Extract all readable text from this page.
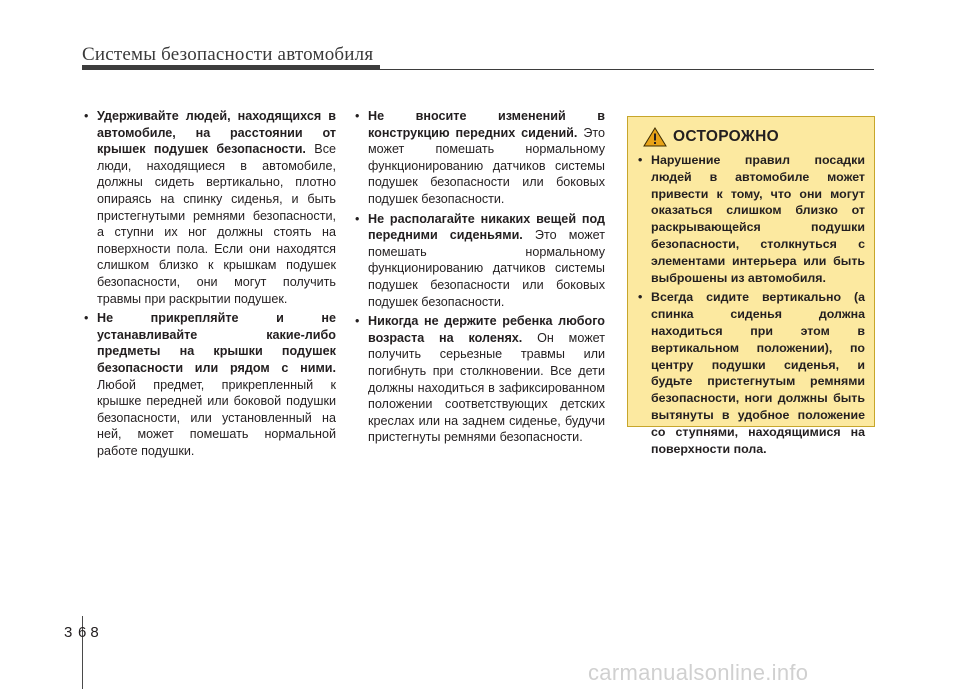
Системы безопасности автомобиля

• Удерживайте людей, находящихся в автомобиле, на расстоянии от крышек подушек безопасности. Все люди, находящиеся в автомобиле, должны сидеть вертикально, плотно опираясь на спинку сиденья, и быть пристегнутыми ремнями безопасности, а ступни их ног должны стоять на поверхности пола. Если они находятся слишком близко к крышкам подушек безопасности, они могут получить травмы при раскрытии подушек.

• Не прикрепляйте и не устанавливайте какие-либо предметы на крышки подушек безопасности или рядом с ними. Любой предмет, прикрепленный к крышке передней или боковой подушки безопасности, или установленный на ней, может помешать нормальной работе подушки.

• Не вносите изменений в конструкцию передних сидений. Это может помешать нормальному функционированию датчиков системы подушек безопасности или боковых подушек безопасности.

• Не располагайте никаких вещей под передними сиденьями. Это может помешать нормальному функционированию датчиков системы подушек безопасности или боковых подушек безопасности.

• Никогда не держите ребенка любого возраста на коленях. Он может получить серьезные травмы или погибнуть при столкновении. Все дети должны находиться в зафиксированном положении соответствующих детских креслах или на заднем сиденье, будучи пристегнуты ремнями безопасности.

ОСТОРОЖНО

• Нарушение правил посадки людей в автомобиле может привести к тому, что они могут оказаться слишком близко от раскрывающейся подушки безопасности, столкнуться с элементами интерьера или быть выброшены из автомобиля.

• Всегда сидите вертикально (а спинка сиденья должна находиться при этом в вертикальном положении), по центру подушки сиденья, и будьте пристегнутым ремнями безопасности, ноги должны быть вытянуты в удобное положение со ступнями, находящимися на поверхности пола.

3 68
carmanualsonline.info
